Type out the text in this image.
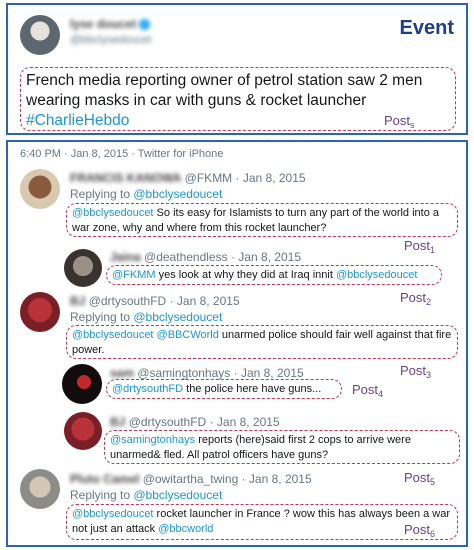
lyse doucet ✓
@bbclysedoucet
Event
French media reporting owner of petrol station saw 2 men wearing masks in car with guns & rocket launcher
#CharlieHebdo	Post$_s$
6:40 PM · Jan 8, 2015 · Twitter for iPhone
FRANCIS KANOWA @FKMM · Jan 8, 2015
Replying to @bbclysedoucet
@bbclysedoucet So its easy for Islamists to turn any part of the world into a war zone, why and where from this rocket launcher?
Post$_1$
Jaina @deathendless · Jan 8, 2015
@FKMM yes look at why they did at Iraq innit @bbclysedoucet
BJ @drtysouthFD · Jan 8, 2015	Post$_2$
Replying to @bbclysedoucet
@bbclysedoucet @BBCWorld unarmed police should fair well against that fire power.
sam @samingtonhays · Jan 8, 2015	Post$_3$
@drtysouthFD the police here have guns... Post$_4$
BJ @drtysouthFD · Jan 8, 2015
@samingtonhays reports (here)said first 2 cops to arrive were unarmed& fled. All patrol officers have guns?
Pluto Camel @owitartha_twing · Jan 8, 2015	Post$_5$
Replying to @bbclysedoucet
@bbclysedoucet rocket launcher in France ? wow this has always been a war not just an attack @bbcworld	Post$_6$
